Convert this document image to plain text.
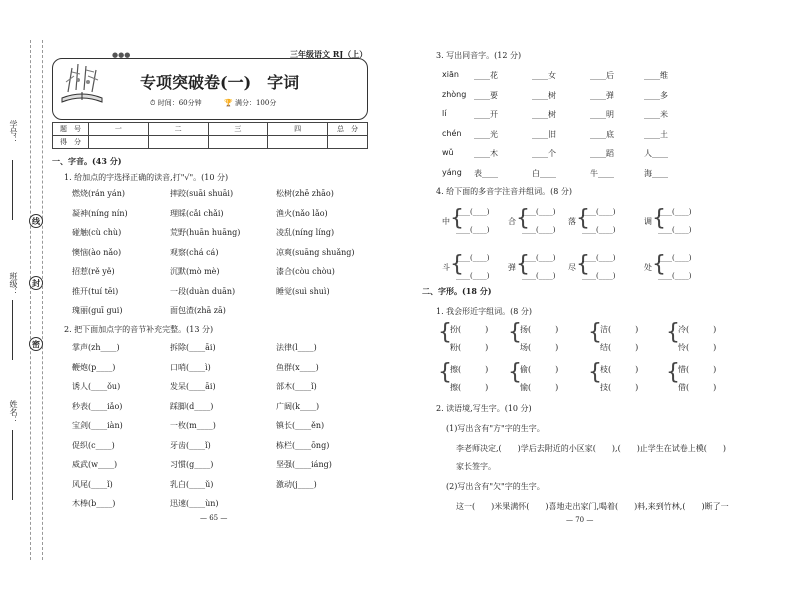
学号：
班级：
姓名：
线
封
密
●●●	三年级语文 RJ（上）
专项突破卷(一)　字词
⏱ 时间：60分钟	🏆 满分：100分
题　号	一	二	三	四	总　分
得　分					
一、字音。(43 分)
1. 给加点的字选择正确的读音,打"√"。(10 分)
2. 把下面加点字的音节补充完整。(13 分)
— 65 —
3. 写出同音字。(12 分)
4. 给下面的多音字注音并组词。(8 分)
二、字形。(18 分)
1. 我会形近字组词。(8 分)
2. 读语境,写生字。(10 分)
(1)写出含有"方"字的生字。
李老师决定,(　　)学后去附近的小区家(　　),(　　)止学生在试卷上模(　　)
家长签字。
(2)写出含有"欠"字的生字。
这一(　　)米果满怀(　　)喜地走出家门,喝着(　　)料,来到竹林,(　　)断了一
— 70 —
燃烧(rán yán)	摔跤(suāi shuāi)	松树(zhē zhāo)
凝神(níng nín)	理睬(cǎi chǎi)	渔火(nǎo lǎo)
碰触(cù chù)	荒野(huān huāng)	凌乱(níng líng)
懊恼(ào nǎo)	观察(chá cá)	凉爽(suāng shuǎng)
招惹(rě yě)	沉默(mò mè)	漆合(còu chòu)
推开(tuí tēi)	一段(duàn duān)	睡觉(suì shuì)
瑰丽(guī gui)	面包渣(zhā zā)
掌声(zh____)	拆除(____āi)	法律(l____)
鞭炮(p____)	口哨(____ì)	鱼群(x____)
诱人(____ǒu)	发呆(____āi)	部木(____ǐ)
秒表(____iǎo)	踩脚(d____)	广阔(k____)
宝剑(____iàn)	一枚(m____)	镇长(____ěn)
促织(c____)	牙齿(____ǐ)	栋栏(____ōng)
威武(w____)	习惯(g____)	坚强(____iáng)
风尾(____ǐ)	乳白(____ǔ)	激动(j____)
木棒(b____)	迅速(____ùn)
xiān ____花	____女	____后	____维
zhòng ____要	____树	____弹	____多
lí	____开	____树	____明	____米
chén ____光	____旧	____底	____土
wǔ	____木	____个	____蹈	人____
yáng 表____	白____	牛____	海____
中 {
____(____)
____(____)
合 {
____(____)
____(____)
落 {
____(____)
____(____)
调 {
____(____)
____(____)
斗 {
____(____)
____(____)
弹 {
____(____)
____(____)
尽 {
____(____)
____(____)
处 {
____(____)
____(____)
{
扮(　　　)
粉(　　　)
{
扬(　　　)
场(　　　)
{
洁(　　　)
结(　　　)
{
冷(　　　)
怜(　　　)
{
擦(　　　)
擦(　　　)
{
偷(　　　)
愉(　　　)
{
枝(　　　)
技(　　　)
{
惜(　　　)
借(　　　)
